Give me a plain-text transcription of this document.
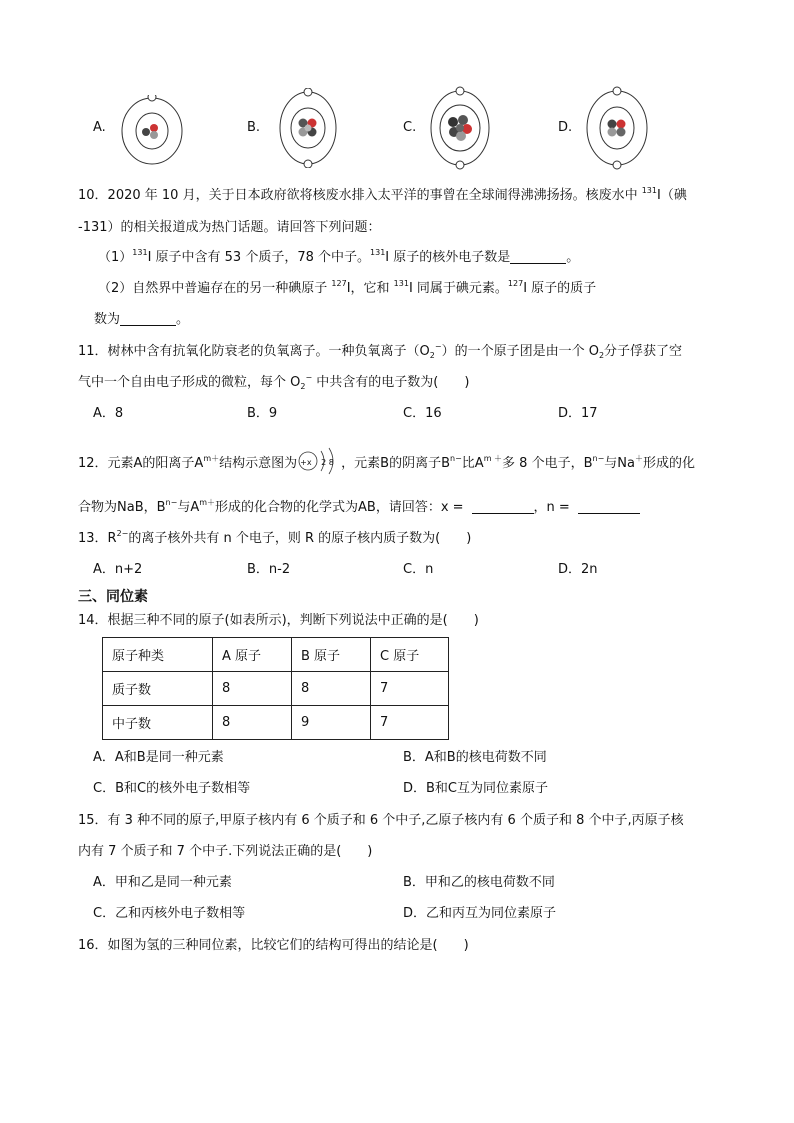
A.	B.	C.	D.
10．2020 年 10 月，关于日本政府欲将核废水排入太平洋的事曾在全球闹得沸沸扬扬。核废水中 $^{131}$I（碘
-131）的相关报道成为热门话题。请回答下列问题：
$(1)^{131}I$ 原子中含有 53 个质子，78 个中子。$^{131}$I 原子的核外电子数是	。
（2）自然界中普遍存在的另一种碘原子 $^{127}$I，它和 $^{131}$I 同属于碘元素。$^{127}$I 原子的质子
数为	。
11．树林中含有抗氧化防衰老的负氧离子。一种负氧离子$(O_2^-)$的一个原子团是由一个 $O_2$分子俘获了空
气中一个自由电子形成的微粒，每个 $O_2^-$ 中共含有的电子数为(　　)
A．8	B．9	C．16	D．17
12．元素A的阳离子$A^{m+}$结构示意图为 +x 2 8 ，元素B的阴离子$B^{n-}$比$A^{m +}$多 8 个电子，$B^{n-}$与Na＋形成的化
合物为NaB，$B^{n-}$与$A^{m+}$形成的化合物的化学式为AB，请回答：x =	，n =
13．$R^{2-}$的离子核外共有 n 个电子，则 R 的原子核内质子数为(　　)
A．n+2	B．n-2	C．n	D．2n
三、同位素
14．根据三种不同的原子(如表所示)，判断下列说法中正确的是(　　)
原子种类	A 原子	B 原子	C 原子
质子数	8	8	7
中子数	8	9	7
A．A和B是同一种元素	B．A和B的核电荷数不同
C．B和C的核外电子数相等	D．B和C互为同位素原子
15．有 3 种不同的原子,甲原子核内有 6 个质子和 6 个中子,乙原子核内有 6 个质子和 8 个中子,丙原子核
内有 7 个质子和 7 个中子.下列说法正确的是(　　)
A．甲和乙是同一种元素	B．甲和乙的核电荷数不同
C．乙和丙核外电子数相等	D．乙和丙互为同位素原子
16．如图为氢的三种同位素，比较它们的结构可得出的结论是(　　)
